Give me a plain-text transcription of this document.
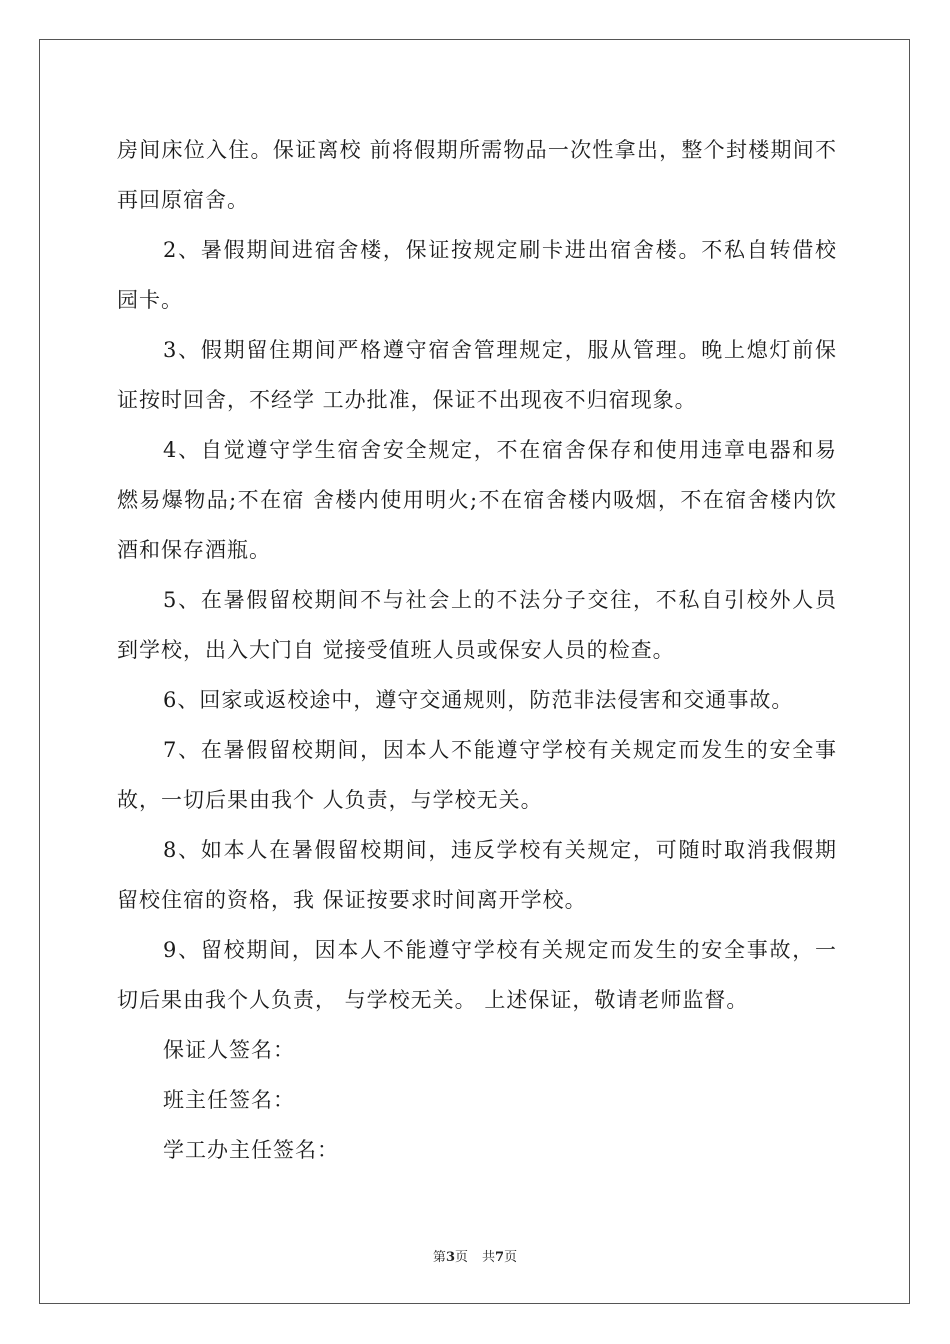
房间床位入住。保证离校 前将假期所需物品一次性拿出，整个封楼期间不再回原宿舍。

2、暑假期间进宿舍楼，保证按规定刷卡进出宿舍楼。不私自转借校园卡。

3、假期留住期间严格遵守宿舍管理规定，服从管理。晚上熄灯前保证按时回舍，不经学 工办批准，保证不出现夜不归宿现象。

4、自觉遵守学生宿舍安全规定，不在宿舍保存和使用违章电器和易燃易爆物品;不在宿 舍楼内使用明火;不在宿舍楼内吸烟，不在宿舍楼内饮酒和保存酒瓶。

5、在暑假留校期间不与社会上的不法分子交往，不私自引校外人员到学校，出入大门自 觉接受值班人员或保安人员的检查。

6、回家或返校途中，遵守交通规则，防范非法侵害和交通事故。

7、在暑假留校期间，因本人不能遵守学校有关规定而发生的安全事故，一切后果由我个 人负责，与学校无关。

8、如本人在暑假留校期间，违反学校有关规定，可随时取消我假期留校住宿的资格，我 保证按要求时间离开学校。

9、留校期间，因本人不能遵守学校有关规定而发生的安全事故，一切后果由我个人负责， 与学校无关。 上述保证，敬请老师监督。

保证人签名：

班主任签名：

学工办主任签名：

第3页 共7页
